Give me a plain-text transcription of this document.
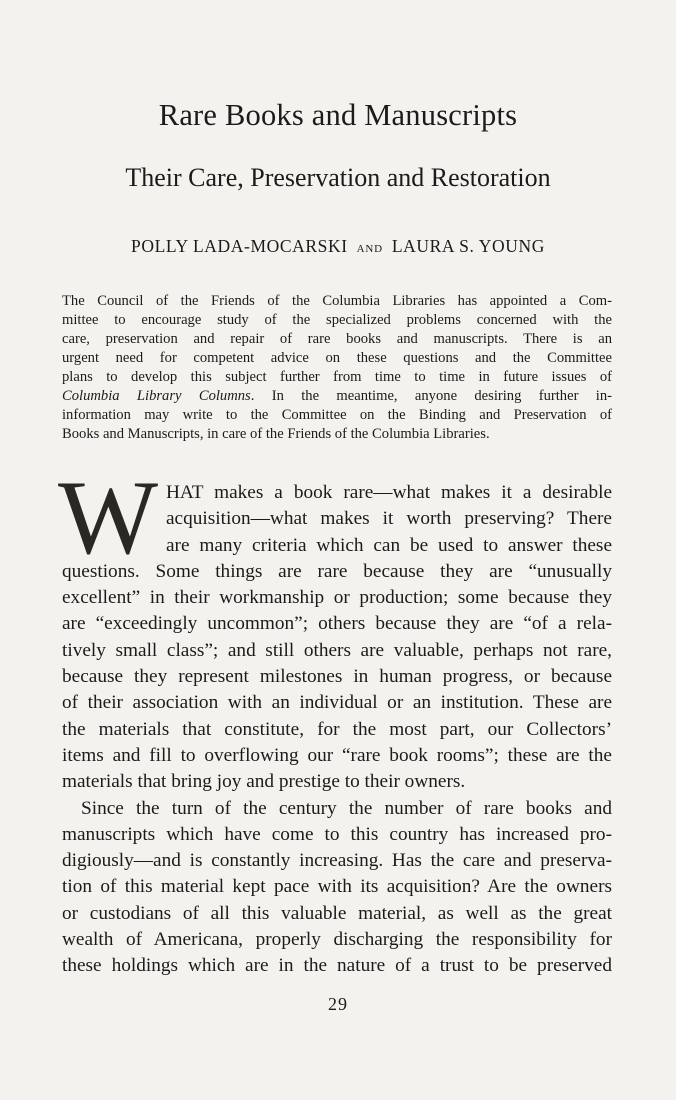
Rare Books and Manuscripts
Their Care, Preservation and Restoration
POLLY LADA-MOCARSKI AND LAURA S. YOUNG
The Council of the Friends of the Columbia Libraries has appointed a Com-
mittee to encourage study of the specialized problems concerned with the
care, preservation and repair of rare books and manuscripts. There is an
urgent need for competent advice on these questions and the Committee
plans to develop this subject further from time to time in future issues of
Columbia Library Columns. In the meantime, anyone desiring further in-
information may write to the Committee on the Binding and Preservation of
Books and Manuscripts, in care of the Friends of the Columbia Libraries.
W HAT makes a book rare—what makes it a desirable
acquisition—what makes it worth preserving? There
are many criteria which can be used to answer these
questions. Some things are rare because they are “unusually
excellent” in their workmanship or production; some because they
are “exceedingly uncommon”; others because they are “of a rela-
tively small class”; and still others are valuable, perhaps not rare,
because they represent milestones in human progress, or because
of their association with an individual or an institution. These are
the materials that constitute, for the most part, our Collectors’
items and fill to overflowing our “rare book rooms”; these are the
materials that bring joy and prestige to their owners.
Since the turn of the century the number of rare books and
manuscripts which have come to this country has increased pro-
digiously—and is constantly increasing. Has the care and preserva-
tion of this material kept pace with its acquisition? Are the owners
or custodians of all this valuable material, as well as the great
wealth of Americana, properly discharging the responsibility for
these holdings which are in the nature of a trust to be preserved
29
